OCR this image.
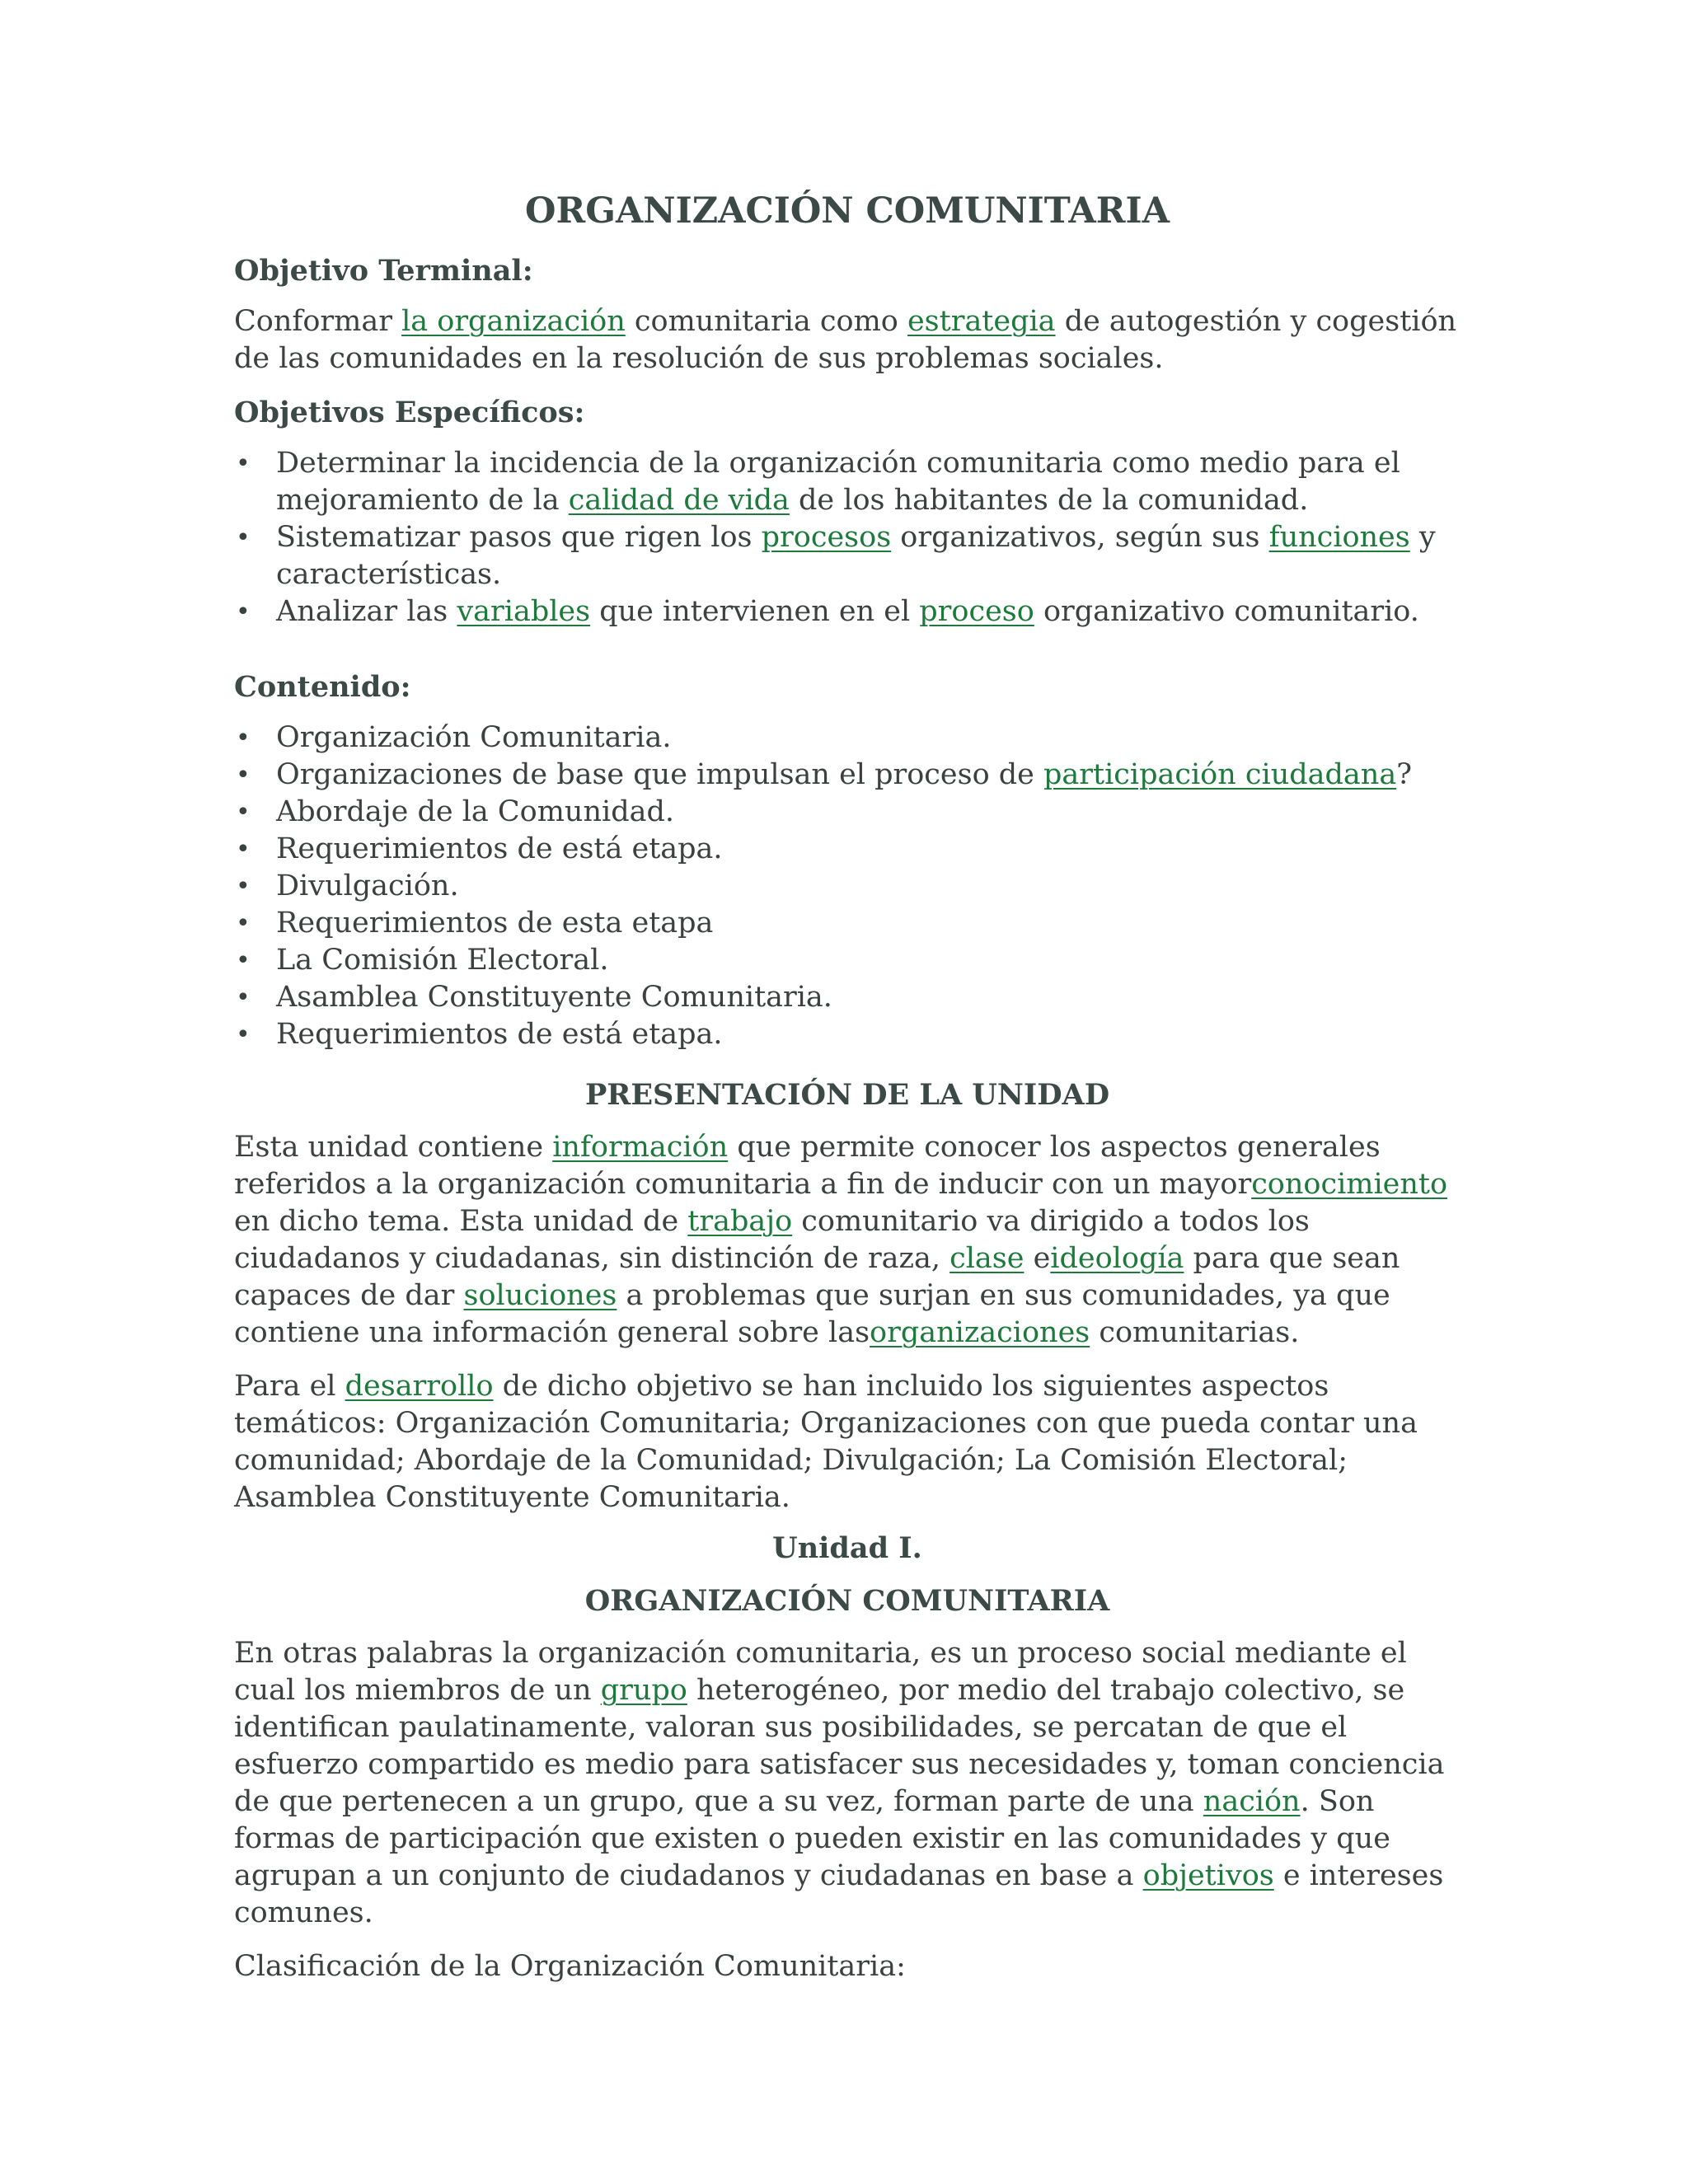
ORGANIZACIÓN COMUNITARIA
Objetivo Terminal:

Conformar la organización comunitaria como estrategia de autogestión y cogestión de las comunidades en la resolución de sus problemas sociales.

Objetivos Específicos:
• Determinar la incidencia de la organización comunitaria como medio para el mejoramiento de la calidad de vida de los habitantes de la comunidad.
• Sistematizar pasos que rigen los procesos organizativos, según sus funciones y características.
• Analizar las variables que intervienen en el proceso organizativo comunitario.
Contenido:
• Organización Comunitaria.
• Organizaciones de base que impulsan el proceso de participación ciudadana?
• Abordaje de la Comunidad.
• Requerimientos de está etapa.
• Divulgación.
• Requerimientos de esta etapa
• La Comisión Electoral.
• Asamblea Constituyente Comunitaria.
• Requerimientos de está etapa.
PRESENTACIÓN DE LA UNIDAD

Esta unidad contiene información que permite conocer los aspectos generales referidos a la organización comunitaria a fin de inducir con un mayorconocimiento en dicho tema. Esta unidad de trabajo comunitario va dirigido a todos los ciudadanos y ciudadanas, sin distinción de raza, clase eideología para que sean capaces de dar soluciones a problemas que surjan en sus comunidades, ya que contiene una información general sobre lasorganizaciones comunitarias.

Para el desarrollo de dicho objetivo se han incluido los siguientes aspectos temáticos: Organización Comunitaria; Organizaciones con que pueda contar una comunidad; Abordaje de la Comunidad; Divulgación; La Comisión Electoral; Asamblea Constituyente Comunitaria.

Unidad I.
ORGANIZACIÓN COMUNITARIA

En otras palabras la organización comunitaria, es un proceso social mediante el cual los miembros de un grupo heterogéneo, por medio del trabajo colectivo, se identifican paulatinamente, valoran sus posibilidades, se percatan de que el esfuerzo compartido es medio para satisfacer sus necesidades y, toman conciencia de que pertenecen a un grupo, que a su vez, forman parte de una nación. Son formas de participación que existen o pueden existir en las comunidades y que agrupan a un conjunto de ciudadanos y ciudadanas en base a objetivos e intereses comunes.

Clasificación de la Organización Comunitaria:
